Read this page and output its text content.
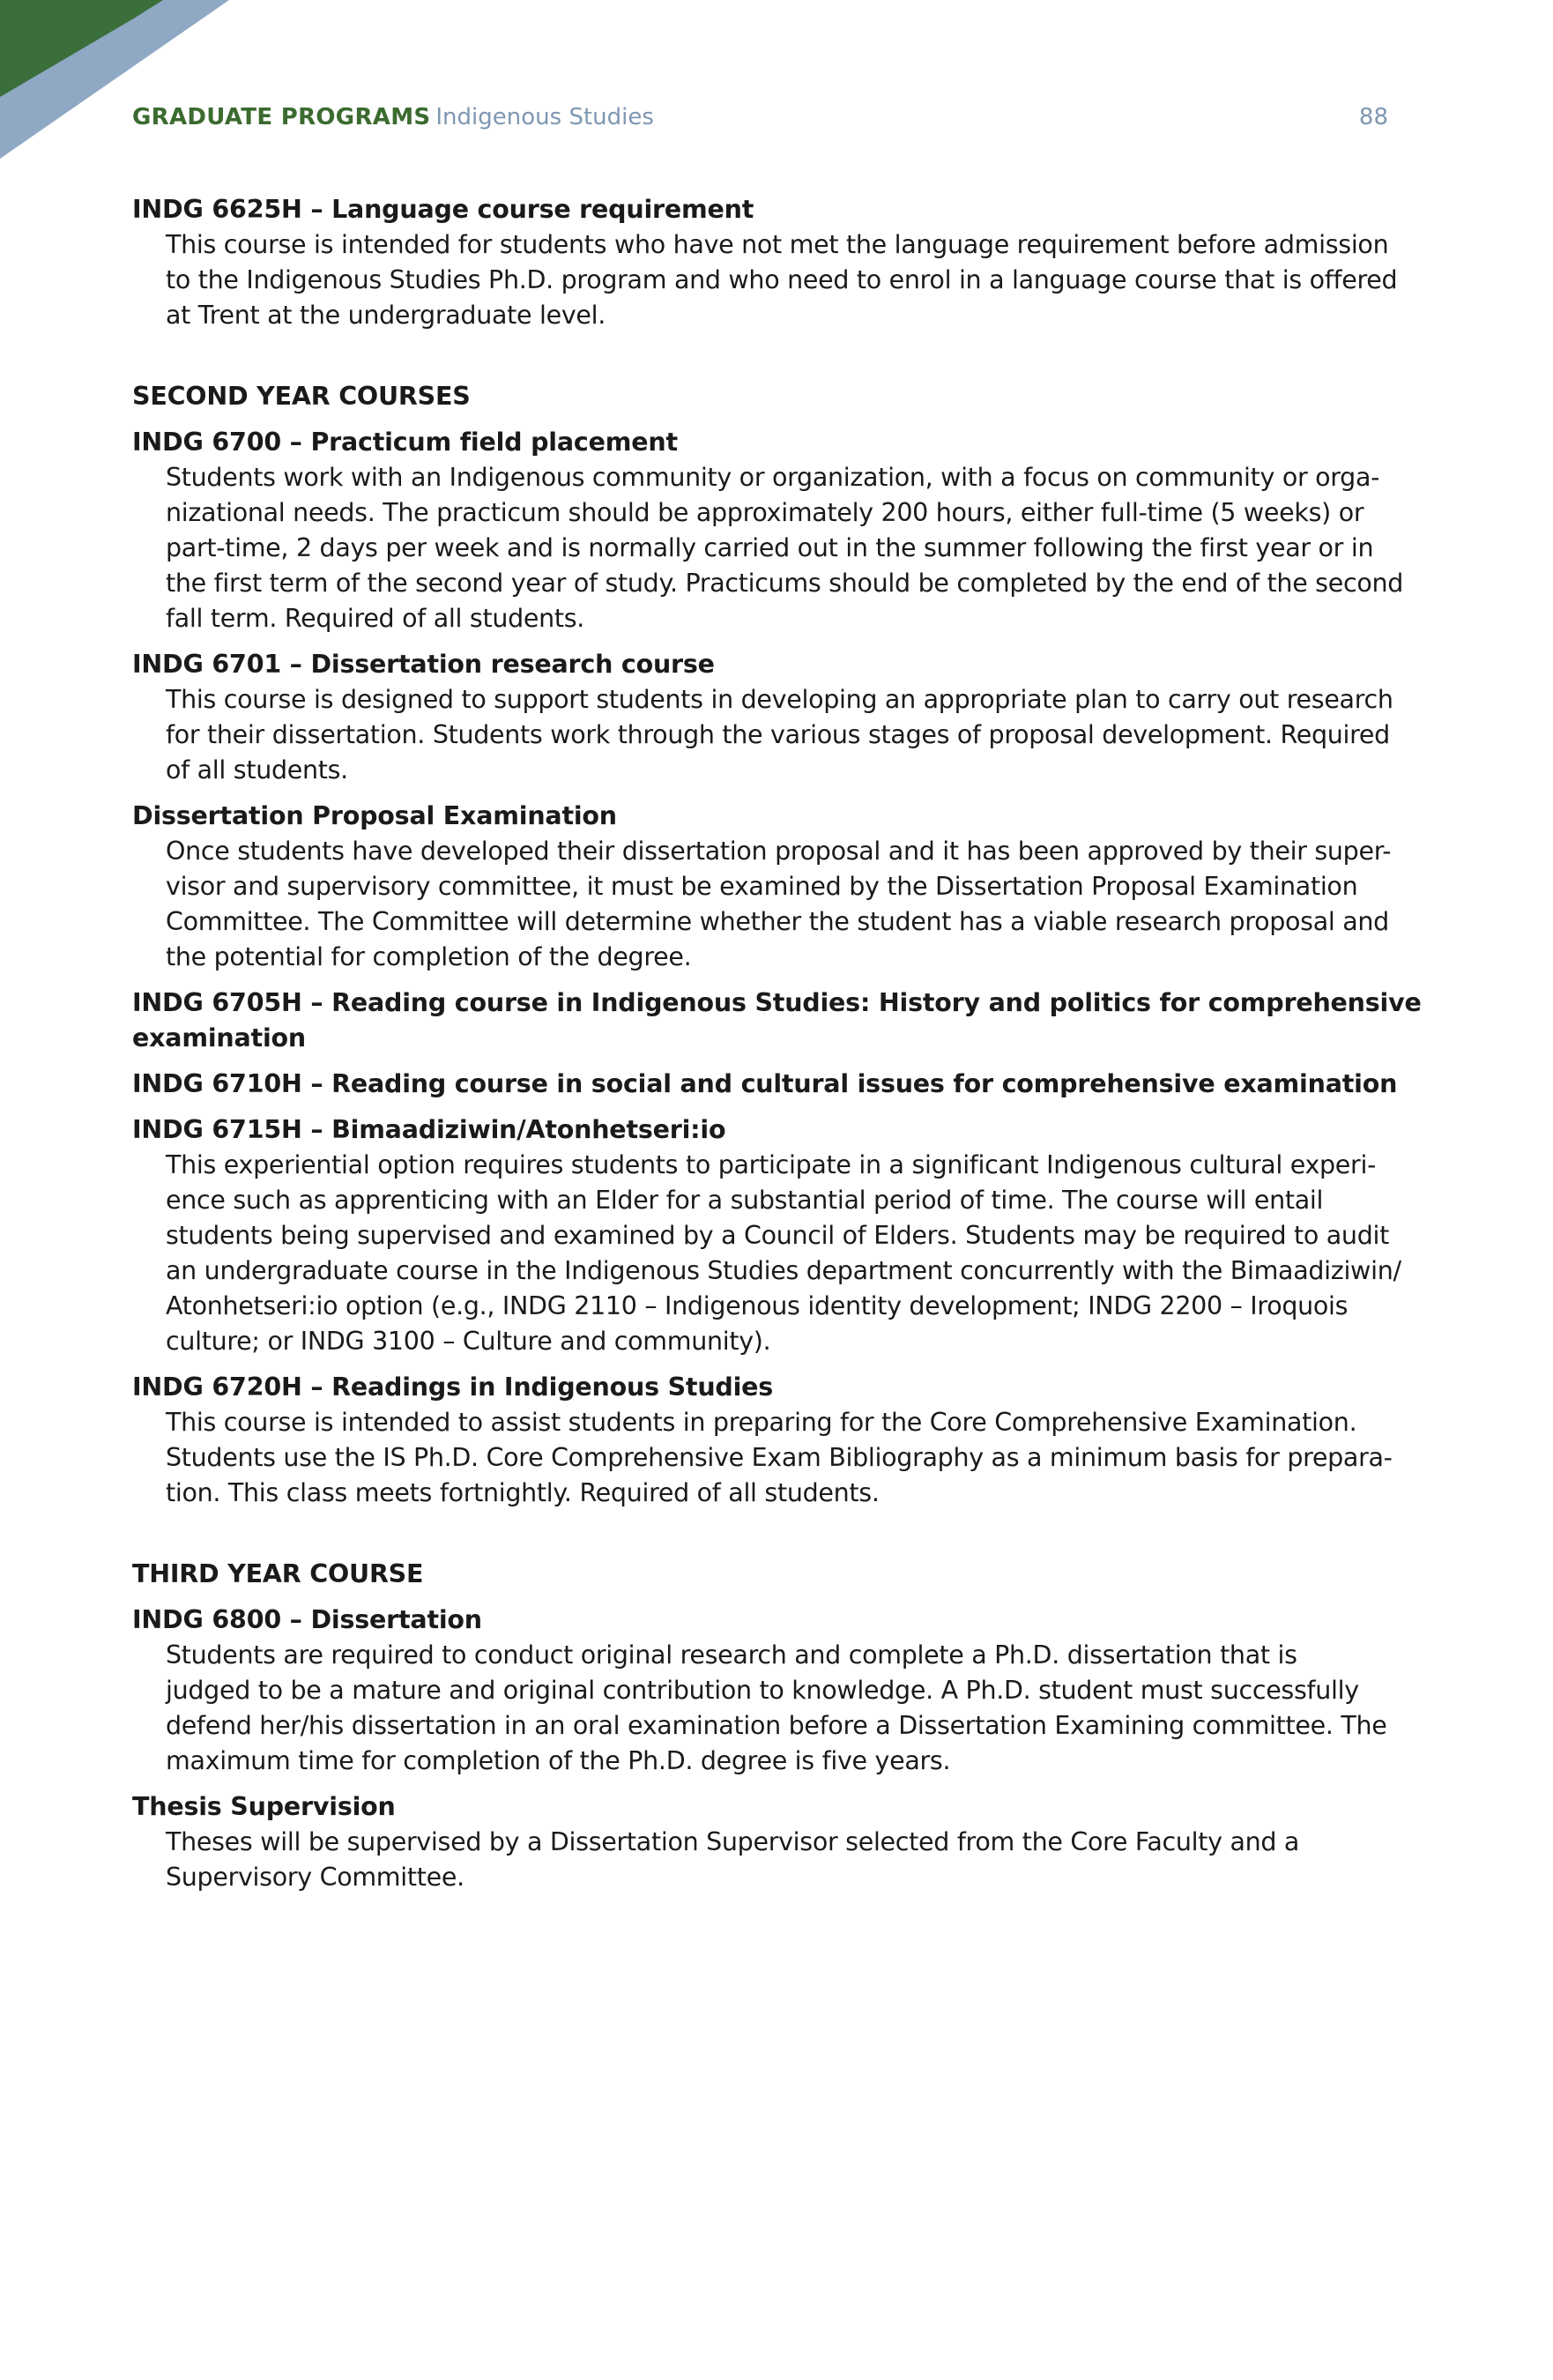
GRADUATE PROGRAMS Indigenous Studies	88
INDG 6625H – Language course requirement
This course is intended for students who have not met the language requirement before admission
to the Indigenous Studies Ph.D. program and who need to enrol in a language course that is offered
at Trent at the undergraduate level.
SECOND YEAR COURSES
INDG 6700 – Practicum field placement
Students work with an Indigenous community or organization, with a focus on community or orga-
nizational needs. The practicum should be approximately 200 hours, either full-time (5 weeks) or
part-time, 2 days per week and is normally carried out in the summer following the first year or in
the first term of the second year of study. Practicums should be completed by the end of the second
fall term. Required of all students.
INDG 6701 – Dissertation research course
This course is designed to support students in developing an appropriate plan to carry out research
for their dissertation. Students work through the various stages of proposal development. Required
of all students.
Dissertation Proposal Examination
Once students have developed their dissertation proposal and it has been approved by their super-
visor and supervisory committee, it must be examined by the Dissertation Proposal Examination
Committee. The Committee will determine whether the student has a viable research proposal and
the potential for completion of the degree.
INDG 6705H – Reading course in Indigenous Studies: History and politics for comprehensive
examination
INDG 6710H – Reading course in social and cultural issues for comprehensive examination
INDG 6715H – Bimaadiziwin/Atonhetseri:io
This experiential option requires students to participate in a significant Indigenous cultural experi-
ence such as apprenticing with an Elder for a substantial period of time. The course will entail
students being supervised and examined by a Council of Elders. Students may be required to audit
an undergraduate course in the Indigenous Studies department concurrently with the Bimaadiziwin/
Atonhetseri:io option (e.g., INDG 2110 – Indigenous identity development; INDG 2200 – Iroquois
culture; or INDG 3100 – Culture and community).
INDG 6720H – Readings in Indigenous Studies
This course is intended to assist students in preparing for the Core Comprehensive Examination.
Students use the IS Ph.D. Core Comprehensive Exam Bibliography as a minimum basis for prepara-
tion. This class meets fortnightly. Required of all students.
THIRD YEAR COURSE
INDG 6800 – Dissertation
Students are required to conduct original research and complete a Ph.D. dissertation that is
judged to be a mature and original contribution to knowledge. A Ph.D. student must successfully
defend her/his dissertation in an oral examination before a Dissertation Examining committee. The
maximum time for completion of the Ph.D. degree is five years.
Thesis Supervision
Theses will be supervised by a Dissertation Supervisor selected from the Core Faculty and a
Supervisory Committee.
